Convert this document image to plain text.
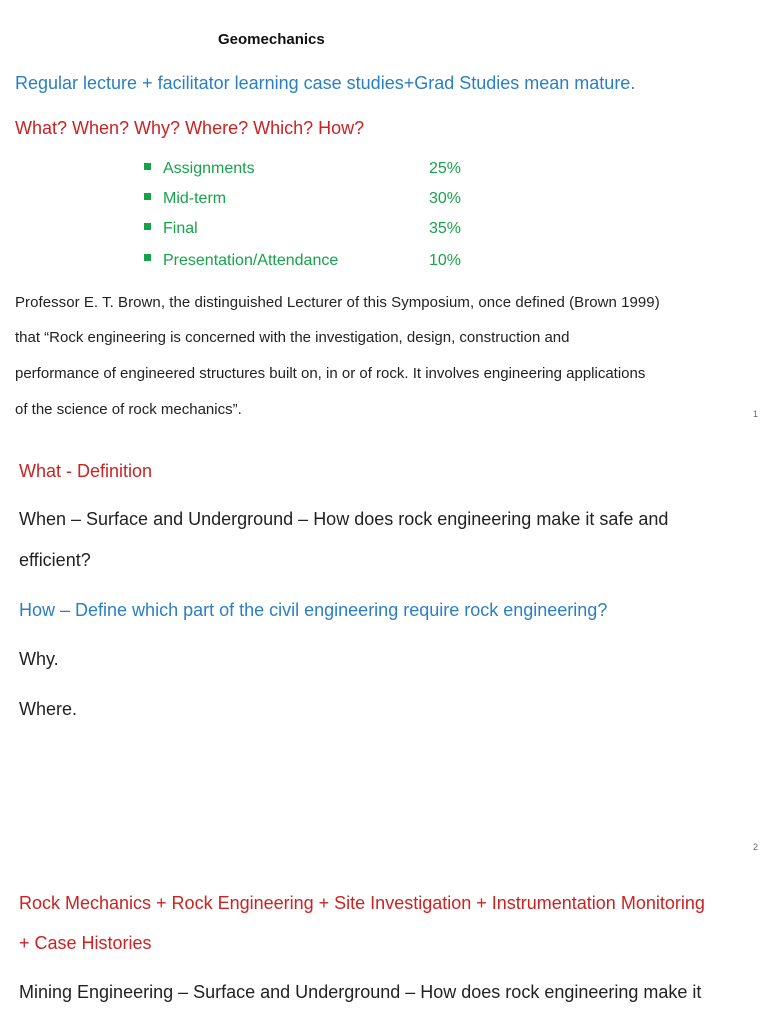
Geomechanics
Regular lecture + facilitator learning case studies+Grad Studies mean mature.
What? When? Why? Where? Which? How?
Assignments	25%
Mid-term	30%
Final	35%
Presentation/Attendance	10%
Professor E. T. Brown, the distinguished Lecturer of this Symposium, once defined (Brown 1999)
that “Rock engineering is concerned with the investigation, design, construction and
performance of engineered structures built on, in or of rock. It involves engineering applications
of the science of rock mechanics”.	1
What - Definition
When – Surface and Underground – How does rock engineering make it safe and
efficient?
How – Define which part of the civil engineering require rock engineering?
Why.
Where.
2
Rock Mechanics + Rock Engineering + Site Investigation + Instrumentation Monitoring
+ Case Histories
Mining Engineering – Surface and Underground – How does rock engineering make it
